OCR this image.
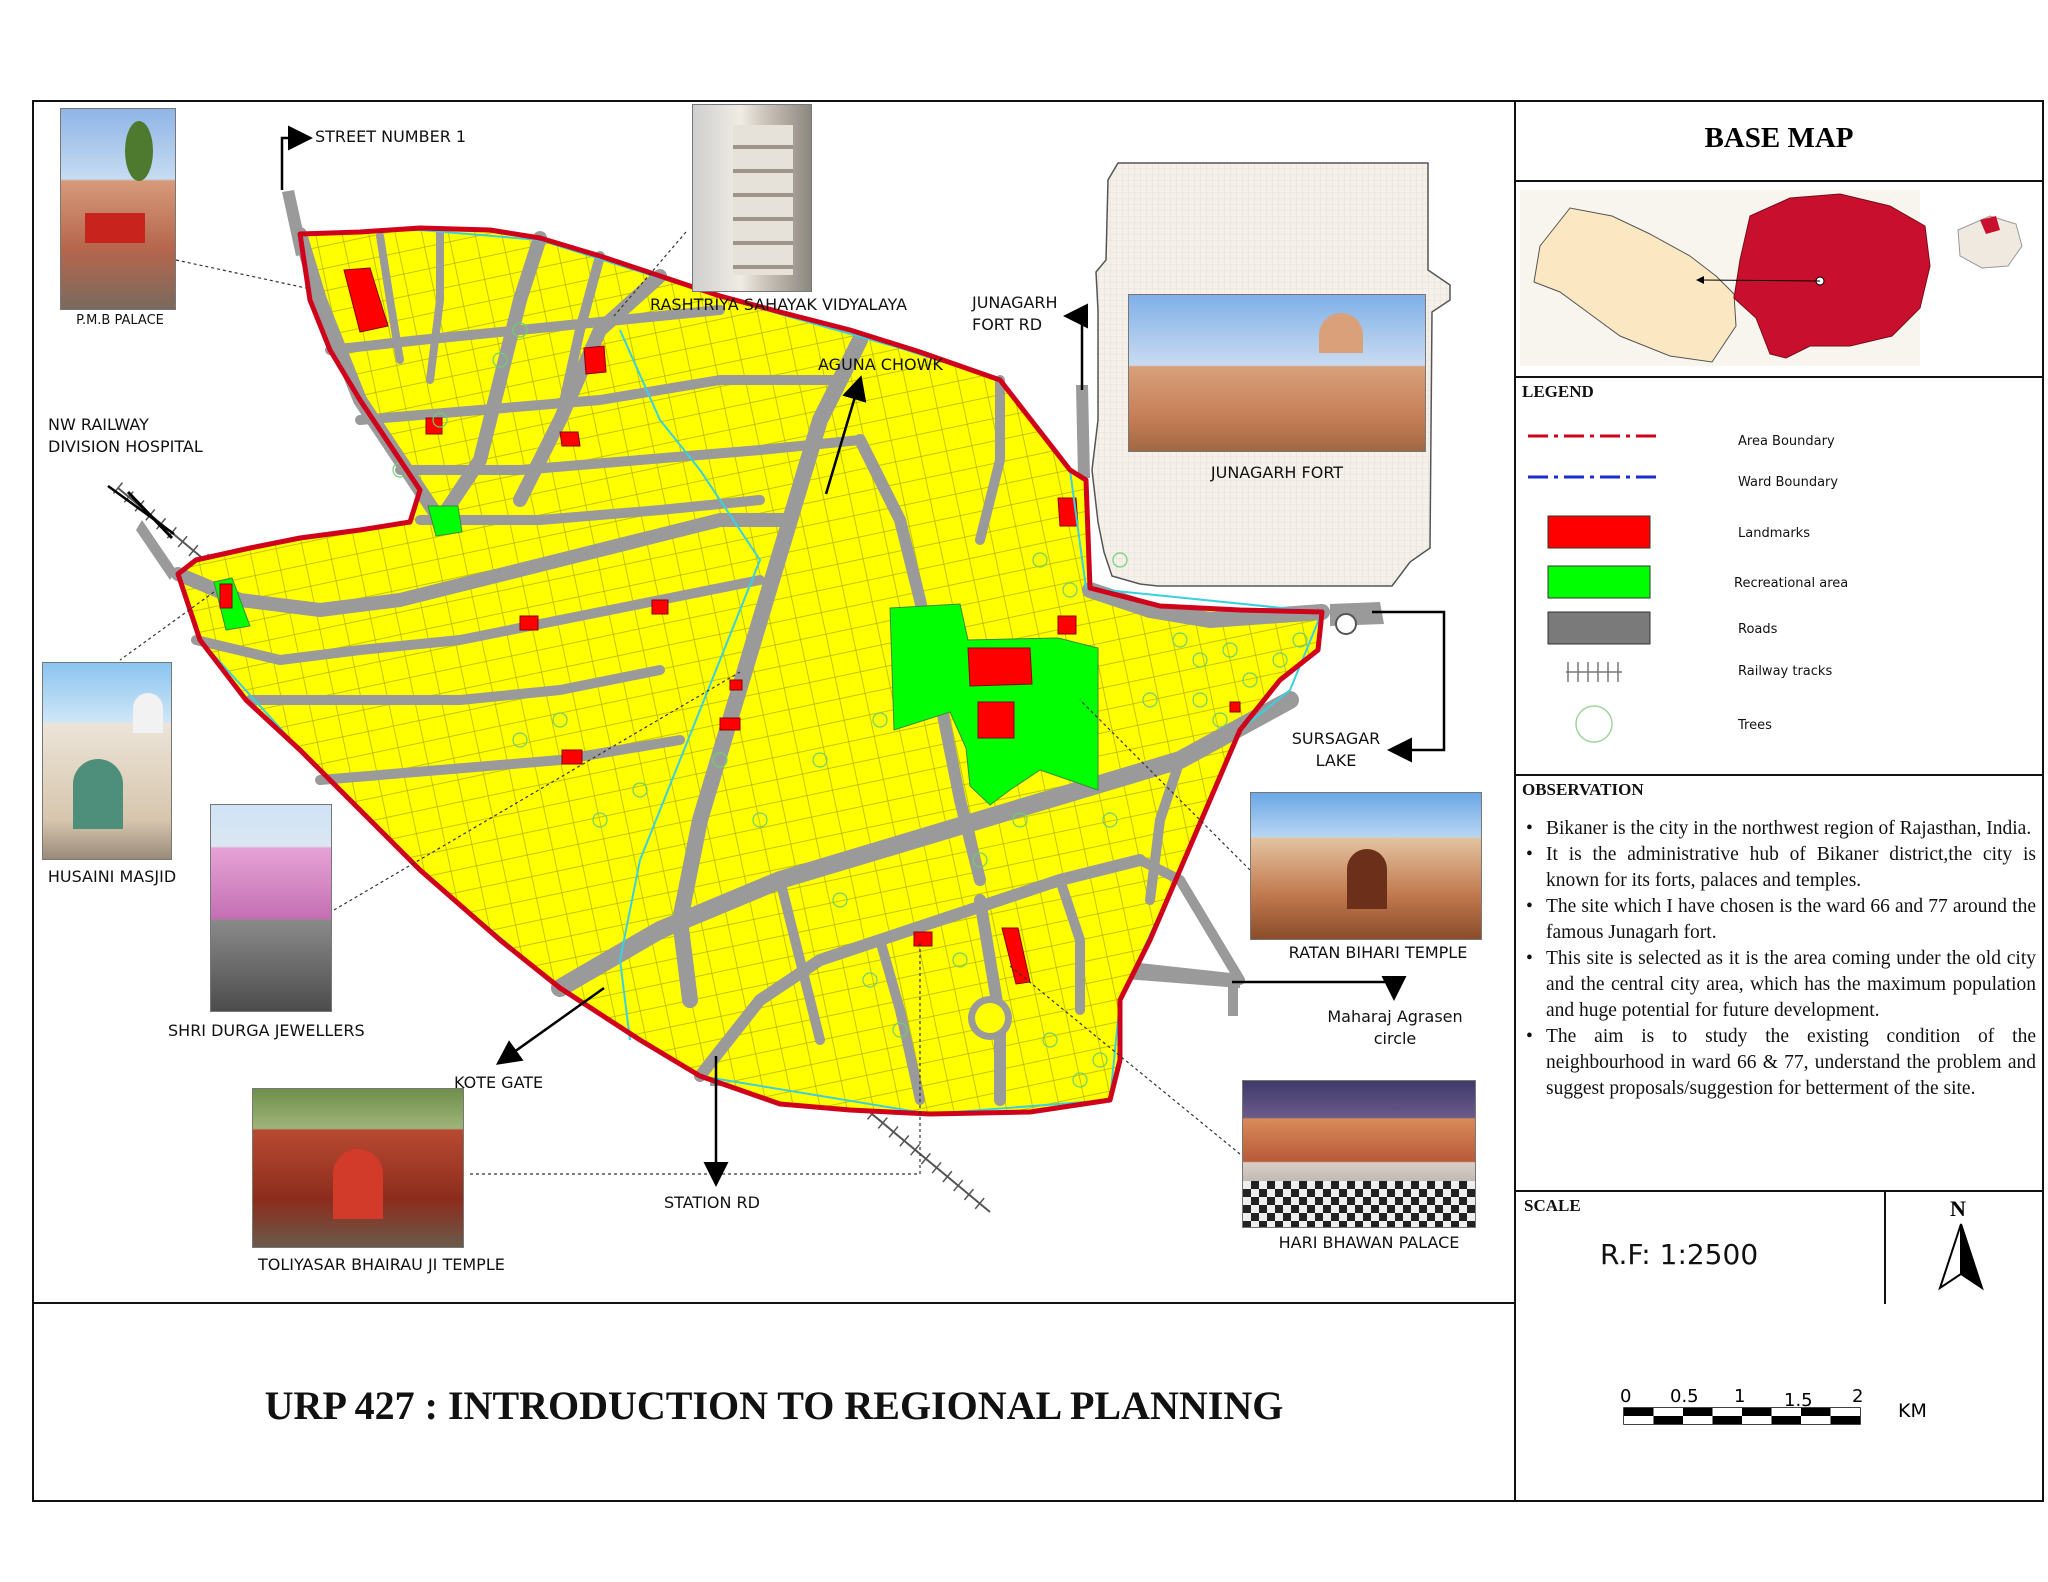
STREET NUMBER 1
P.M.B PALACE
RASHTRIYA SAHAYAK VIDYALAYA	JUNAGARH
FORT RD
AGUNA CHOWK
NW RAILWAY
DIVISION HOSPITAL
JUNAGARH FORT
SURSAGAR
LAKE
HUSAINI MASJID
RATAN BIHARI TEMPLE
SHRI DURGA JEWELLERS
Maharaj Agrasen
circle
KOTE GATE
STATION RD
TOLIYASAR BHAIRAU JI TEMPLE
HARI BHAWAN PALACE
BASE MAP
LEGEND
Area Boundary
Ward Boundary
Landmarks
Recreational area
Roads
Railway tracks
Trees
OBSERVATION
• Bikaner is the city in the northwest region of Rajasthan, India.
• It is the administrative hub of Bikaner district,the city is known for its forts, palaces and temples.
• The site which I have chosen is the ward 66 and 77 around the famous Junagarh fort.
• This site is selected as it is the area coming under the old city and the central city area, which has the maximum population and huge potential for future development.
• The aim is to study the existing condition of the neighbourhood in ward 66 & 77, understand the problem and suggest proposals/suggestion for betterment of the site.
SCALE
R.F: 1:2500
N
0 0.5 1 1.5 2
KM
URP 427 : INTRODUCTION TO REGIONAL PLANNING
